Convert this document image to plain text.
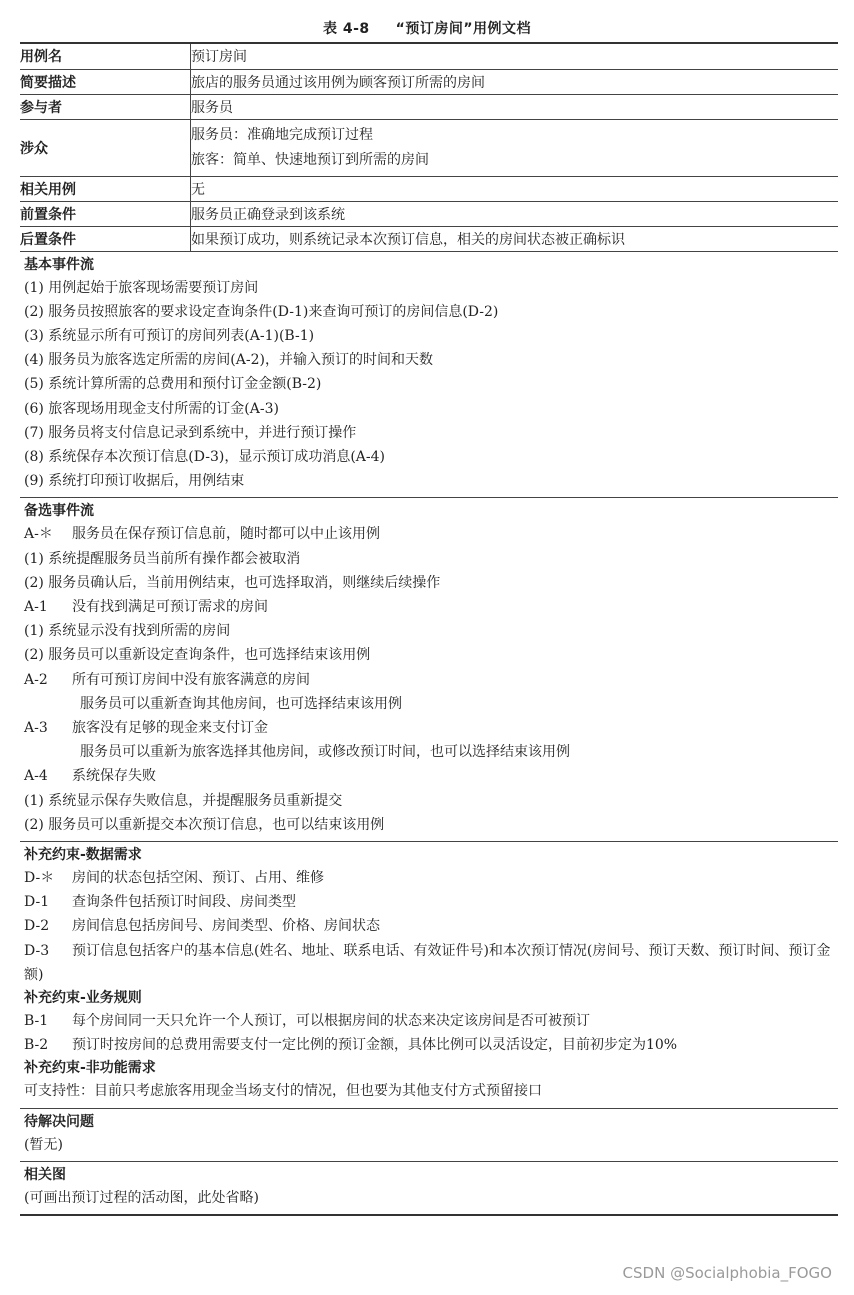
表 4-8 “预订房间”用例文档
用例名	预订房间
简要描述	旅店的服务员通过该用例为顾客预订所需的房间
参与者	服务员
涉众	服务员：准确地完成预订过程
旅客：简单、快速地预订到所需的房间

相关用例	无
前置条件	服务员正确登录到该系统
后置条件	如果预订成功，则系统记录本次预订信息，相关的房间状态被正确标识
基本事件流
(1) 用例起始于旅客现场需要预订房间
(2) 服务员按照旅客的要求设定查询条件(D-1)来查询可预订的房间信息(D-2)
(3) 系统显示所有可预订的房间列表(A-1)(B-1)
(4) 服务员为旅客选定所需的房间(A-2)，并输入预订的时间和天数
(5) 系统计算所需的总费用和预付订金金额(B-2)
(6) 旅客现场用现金支付所需的订金(A-3)
(7) 服务员将支付信息记录到系统中，并进行预订操作
(8) 系统保存本次预订信息(D-3)，显示预订成功消息(A-4)
(9) 系统打印预订收据后，用例结束
备选事件流
A-＊ 服务员在保存预订信息前，随时都可以中止该用例
(1) 系统提醒服务员当前所有操作都会被取消
(2) 服务员确认后，当前用例结束，也可选择取消，则继续后续操作
A-1 没有找到满足可预订需求的房间
(1) 系统显示没有找到所需的房间
(2) 服务员可以重新设定查询条件，也可选择结束该用例
A-2 所有可预订房间中没有旅客满意的房间
服务员可以重新查询其他房间，也可选择结束该用例
A-3 旅客没有足够的现金来支付订金
服务员可以重新为旅客选择其他房间，或修改预订时间，也可以选择结束该用例
A-4 系统保存失败
(1) 系统显示保存失败信息，并提醒服务员重新提交
(2) 服务员可以重新提交本次预订信息，也可以结束该用例
补充约束-数据需求
D-＊ 房间的状态包括空闲、预订、占用、维修
D-1 查询条件包括预订时间段、房间类型
D-2 房间信息包括房间号、房间类型、价格、房间状态
D-3 预订信息包括客户的基本信息(姓名、地址、联系电话、有效证件号)和本次预订情况(房间号、预订天数、预订时间、预订金额)
补充约束-业务规则
B-1 每个房间同一天只允许一个人预订，可以根据房间的状态来决定该房间是否可被预订
B-2 预订时按房间的总费用需要支付一定比例的预订金额，具体比例可以灵活设定，目前初步定为10%
补充约束-非功能需求
可支持性：目前只考虑旅客用现金当场支付的情况，但也要为其他支付方式预留接口
待解决问题
(暂无)
相关图
(可画出预订过程的活动图，此处省略)
CSDN @Socialphobia_FOGO
